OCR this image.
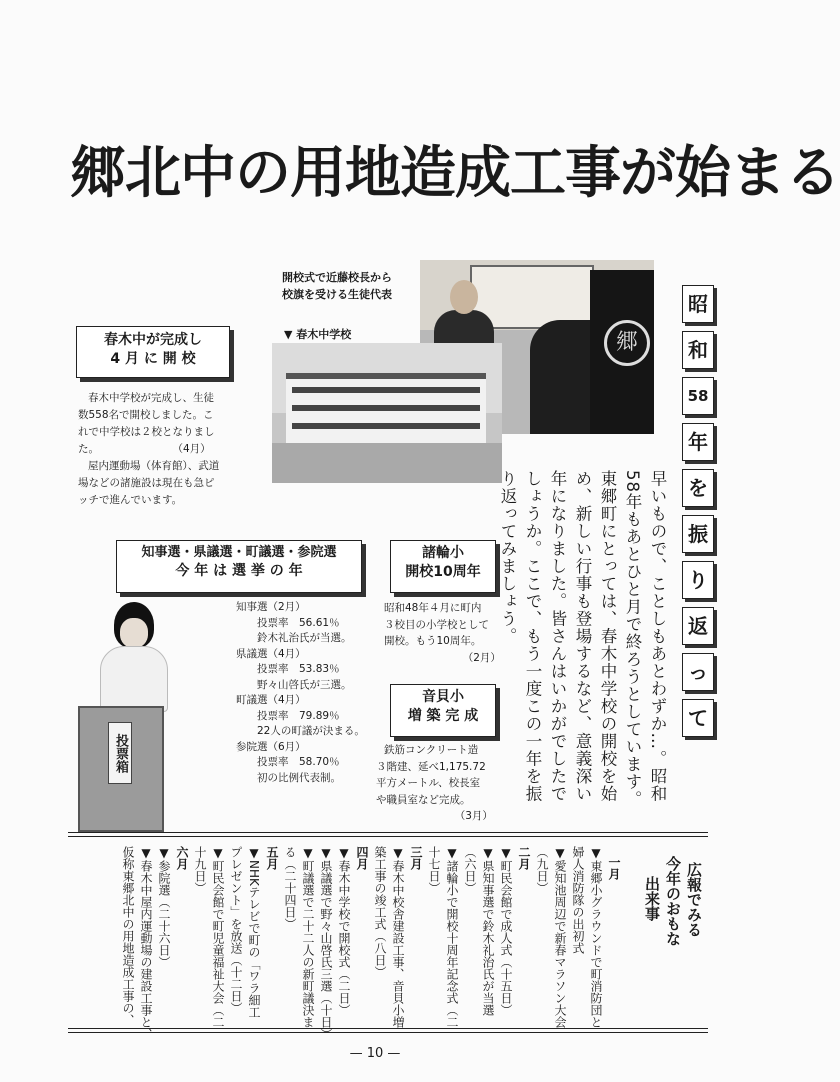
郷北中の用地造成工事が始まる
郷
開校式で近藤校長から
校旗を受ける生徒代表
▼ 春木中学校
春木中が完成し
4 月 に 開 校
春木中学校が完成し、生徒
数558名で開校しました。こ
れで中学校は２校となりまし
た。　　　　　　　　（4月）
屋内運動場（体育館）、武道
場などの諸施設は現在も急ピ
ッチで進んでいます。
知事選・県議選・町議選・参院選
今 年 は 選 挙 の 年
知事選（2月）
　　投票率　56.61％
　　鈴木礼治氏が当選。
県議選（4月）
　　投票率　53.83％
　　野々山啓氏が三選。
町議選（4月）
　　投票率　79.89％
　　22人の町議が決まる。
参院選（6月）
　　投票率　58.70％
　　初の比例代表制。
投票箱
諸輪小
開校10周年
昭和48年４月に町内
３校目の小学校として
開校。もう10周年。
　　　　　　　　（2月）
音貝小
増 築 完 成
鉄筋コンクリート造
３階建、延べ1,175.72
平方メートル、校長室
や職員室など完成。
　　　　　　　　（3月）
昭
和
58
年
を
振
り
返
っ
て
早いもので、ことしもあとわずか…。昭和58年もあとひと月で終ろうとしています。東郷町にとっては、春木中学校の開校を始め、新しい行事も登場するなど、意義深い年になりました。皆さんはいかがでしたでしょうか。ここで、もう一度この一年を振り返ってみましょう。
広報でみる
今年のおもな
出来事
一月
▼東郷小グラウンドで町消防団と
婦人消防隊の出初式
▼愛知池周辺で新春マラソン大会
（九日）
二月
▼町民会館で成人式（十五日）
▼県知事選で鈴木礼治氏が当選
（六日）
▼諸輪小で開校十周年記念式（二
十七日）
三月
▼春木中校舎建設工事、音貝小増
築工事の竣工式（八日）
四月
▼春木中学校で開校式（二日）
▼県議選で野々山啓氏三選（十日）
▼町議選で二十二人の新町議決ま
る（二十四日）
五月
▼NHKテレビで町の「ワラ細工
プレゼント」を放送（十二日）
▼町民会館で町児童福祉大会（二
十九日）
六月
▼参院選（二十六日）
▼春木中屋内運動場の建設工事と、
仮称東郷北中の用地造成工事の、
— 10 —
